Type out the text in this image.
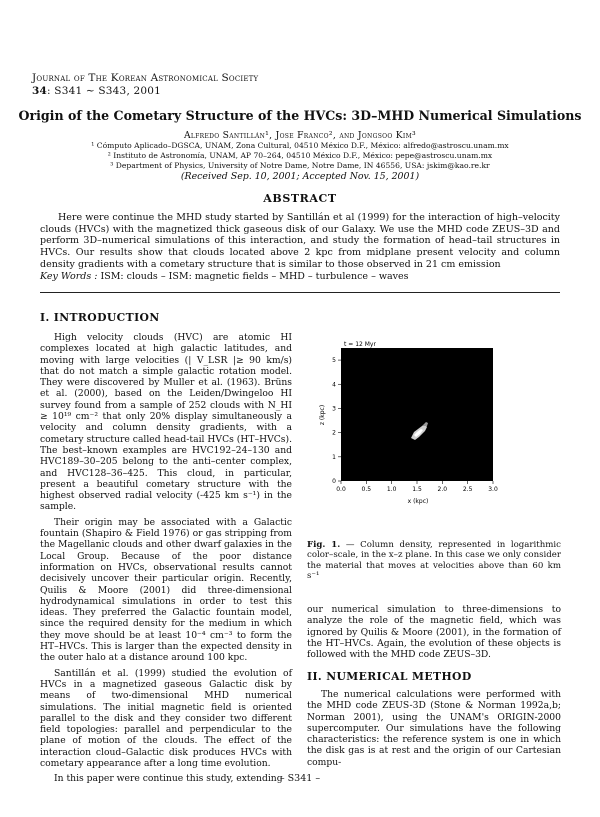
Journal of The Korean Astronomical Society
34: S341 ∼ S343, 2001
Origin of the Cometary Structure of the HVCs: 3D–MHD Numerical Simulations
Alfredo Santillán¹, Jose Franco², and Jongsoo Kim³
¹ Cómputo Aplicado–DGSCA, UNAM, Zona Cultural, 04510 México D.F., México: alfredo@astroscu.unam.mx
² Instituto de Astronomía, UNAM, AP 70–264, 04510 México D.F., México: pepe@astroscu.unam.mx
³ Department of Physics, University of Notre Dame, Notre Dame, IN 46556, USA: jskim@kao.re.kr
(Received Sep. 10, 2001; Accepted Nov. 15, 2001)
ABSTRACT
Here were continue the MHD study started by Santillán et al (1999) for the interaction of high–velocity clouds (HVCs) with the magnetized thick gaseous disk of our Galaxy. We use the MHD code ZEUS–3D and perform 3D–numerical simulations of this interaction, and study the formation of head–tail structures in HVCs. Our results show that clouds located above 2 kpc from midplane present velocity and column density gradients with a cometary structure that is similar to those observed in 21 cm emission
Key Words : ISM: clouds – ISM: magnetic fields – MHD – turbulence – waves
I. INTRODUCTION

High velocity clouds (HVC) are atomic HI complexes located at high galactic latitudes, and moving with large velocities (| V_LSR |≥ 90 km/s) that do not match a simple galactic rotation model. They were discovered by Muller et al. (1963). Brüns et al. (2000), based on the Leiden/Dwingeloo HI survey found from a sample of 252 clouds with N_HI ≥ 10¹⁹ cm⁻² that only 20% display simultaneously a velocity and column density gradients, with a cometary structure called head-tail HVCs (HT–HVCs). The best–known examples are HVC192–24–130 and HVC189–30–205 belong to the anti–center complex, and HVC128–36–425. This cloud, in particular, present a beautiful cometary structure with the highest observed radial velocity (-425 km s⁻¹) in the sample.

Their origin may be associated with a Galactic fountain (Shapiro & Field 1976) or gas stripping from the Magellanic clouds and other dwarf galaxies in the Local Group. Because of the poor distance information on HVCs, observational results cannot decisively uncover their particular origin. Recently, Quilis & Moore (2001) did three-dimensional hydrodynamical simulations in order to test this ideas. They preferred the Galactic fountain model, since the required density for the medium in which they move should be at least 10⁻⁴ cm⁻³ to form the HT–HVCs. This is larger than the expected density in the outer halo at a distance around 100 kpc.

Santillán et al. (1999) studied the evolution of HVCs in a magnetized gaseous Galactic disk by means of two-dimensional MHD numerical simulations. The initial magnetic field is oriented parallel to the disk and they consider two different field topologies: parallel and perpendicular to the plane of motion of the clouds. The effect of the interaction cloud–Galactic disk produces HVCs with cometary appearance after a long time evolution.

In this paper were continue this study, extending

0.0	0.5	1.0	1.5	2.0	2.5	3.0
0
1
2
3
4
5
t = 12 Myr
x (kpc)
z (kpc)
Fig. 1. — Column density, represented in logarithmic color–scale, in the x–z plane. In this case we only consider the material that moves at velocities above than 60 km s⁻¹

our numerical simulation to three-dimensions to analyze the role of the magnetic field, which was ignored by Quilis & Moore (2001), in the formation of the HT–HVCs. Again, the evolution of these objects is followed with the MHD code ZEUS–3D.

II. NUMERICAL METHOD

The numerical calculations were performed with the MHD code ZEUS-3D (Stone & Norman 1992a,b; Norman 2001), using the UNAM's ORIGIN-2000 supercomputer. Our simulations have the following characteristics: the reference system is one in which the disk gas is at rest and the origin of our Cartesian compu-

– S341 –
